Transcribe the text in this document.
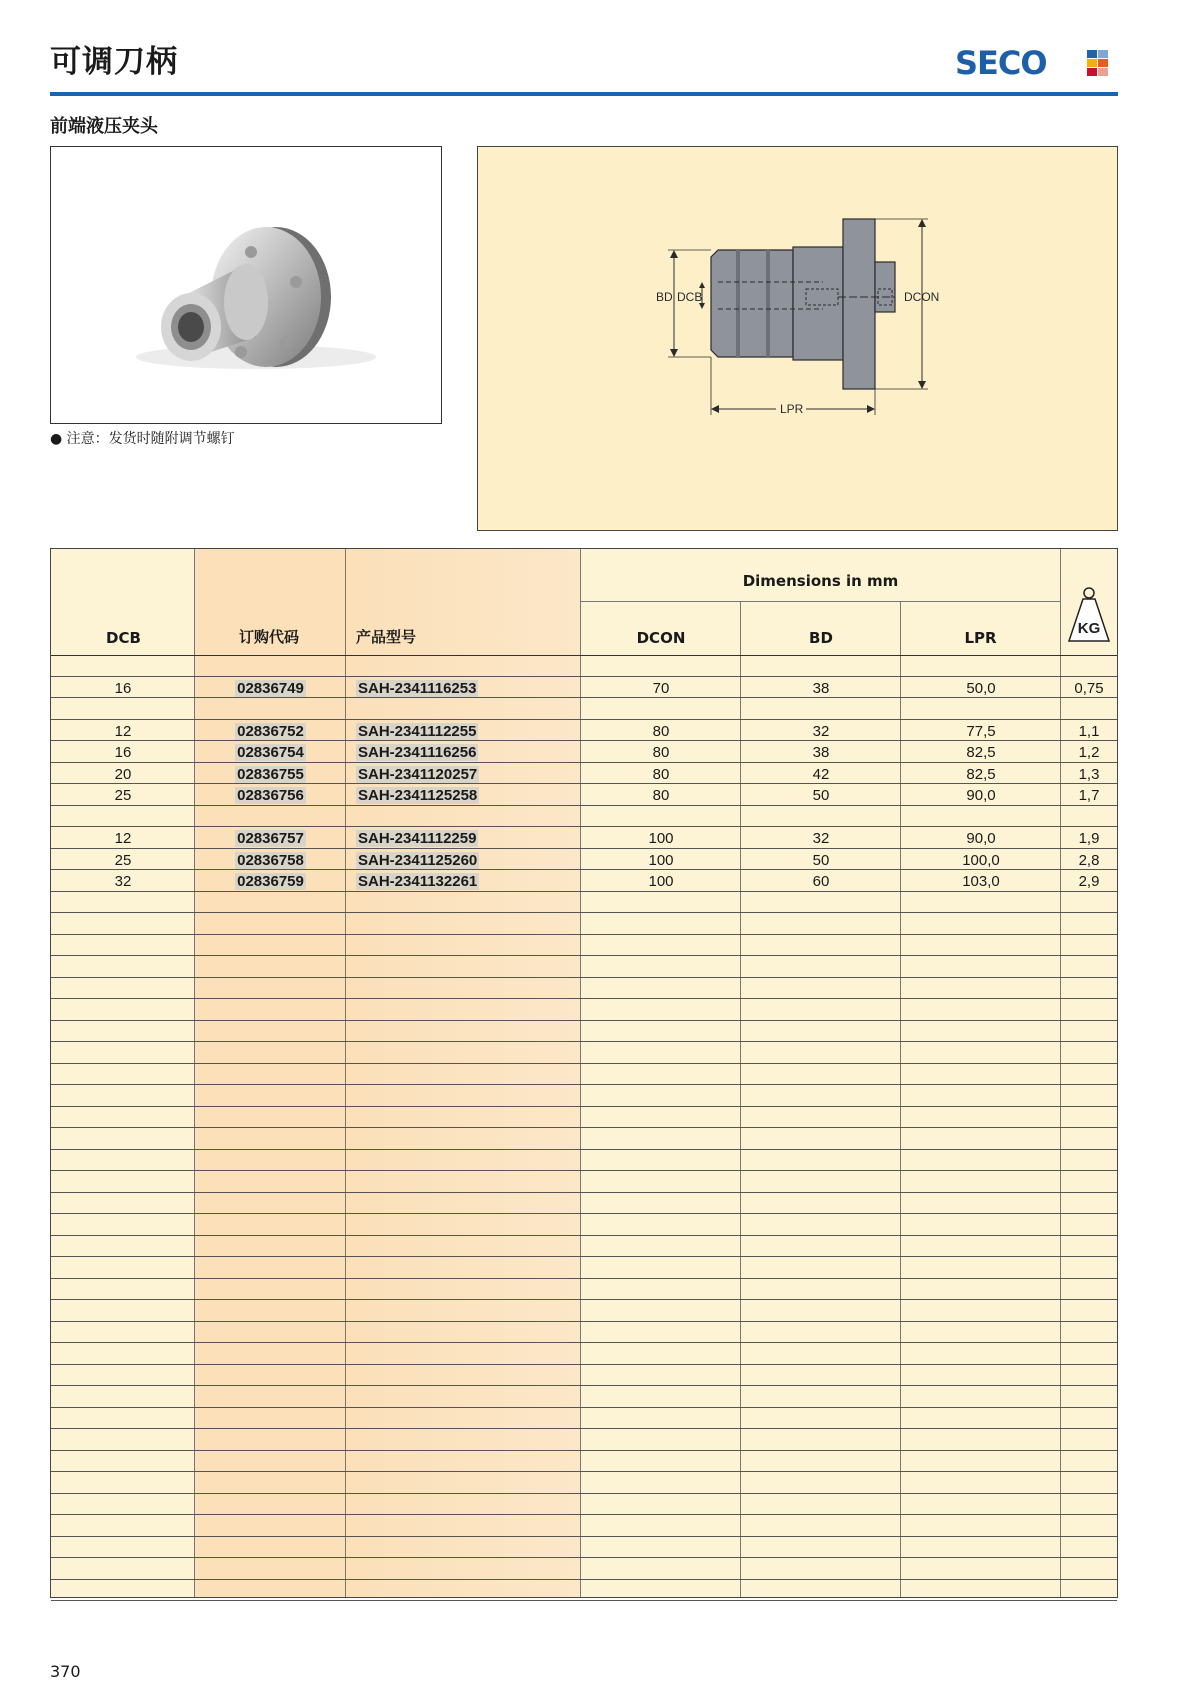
可调刀柄	SECO
前端液压夹头
● 注意：发货时随附调节螺钉
BD DCB	DCON
LPR
16	02836749	SAH-2341116253	70	38	50,0	0,75
12	02836752	SAH-2341112255	80	32	77,5	1,1
16	02836754	SAH-2341116256	80	38	82,5	1,2
20	02836755	SAH-2341120257	80	42	82,5	1,3
25	02836756	SAH-2341125258	80	50	90,0	1,7
12	02836757	SAH-2341112259	100	32	90,0	1,9
25	02836758	SAH-2341125260	100	50	100,0	2,8
32	02836759	SAH-2341132261	100	60	103,0	2,9
DCB	订购代码	产品型号
Dimensions in mm
DCON	BD	LPR
KG
370
